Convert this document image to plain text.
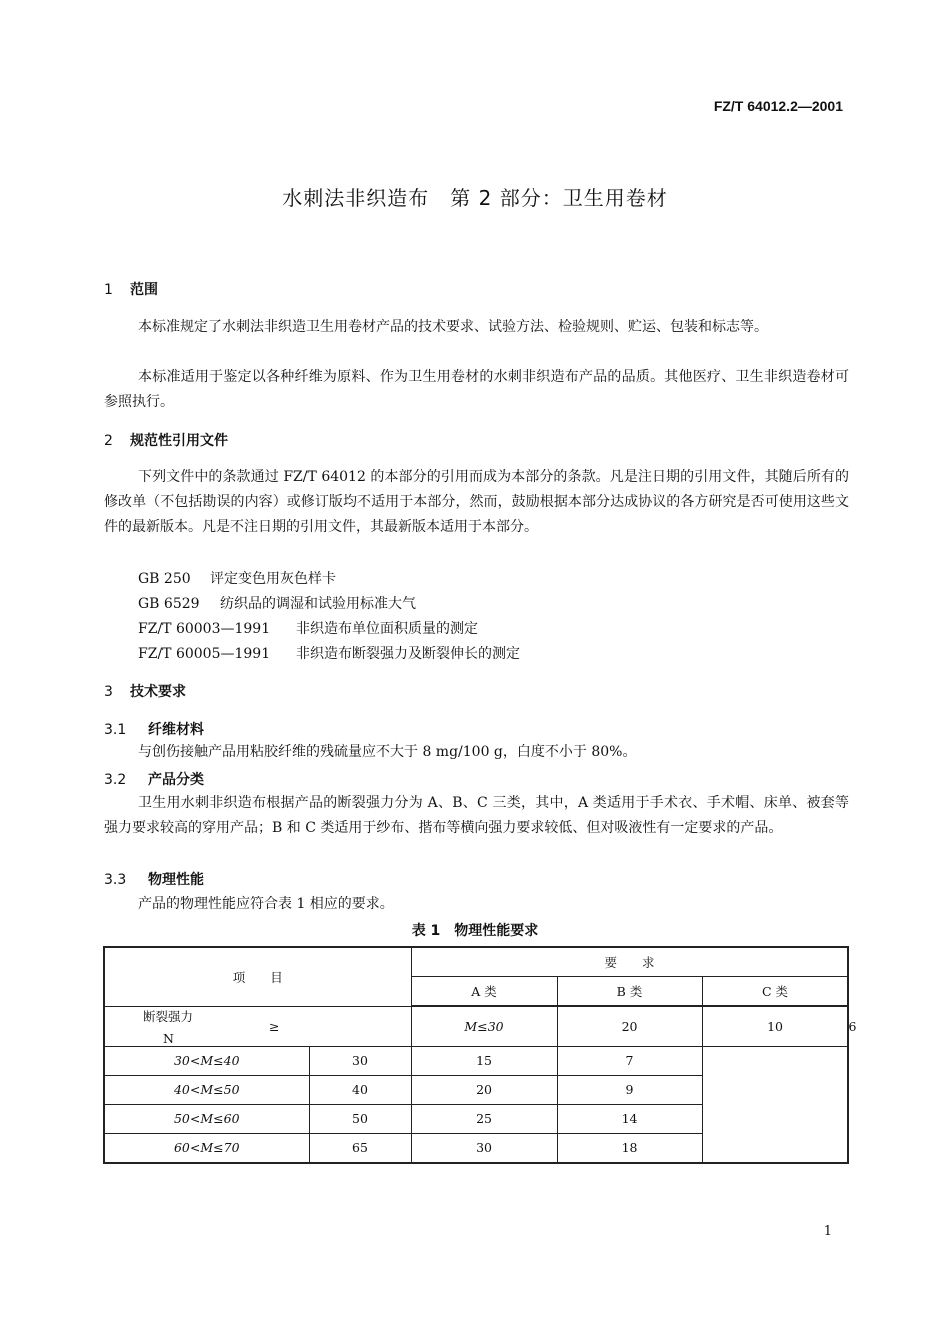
FZ/T 64012.2—2001
水刺法非织造布　第 2 部分：卫生用卷材
1 范围

本标准规定了水刺法非织造卫生用卷材产品的技术要求、试验方法、检验规则、贮运、包装和标志等。

本标准适用于鉴定以各种纤维为原料、作为卫生用卷材的水刺非织造布产品的品质。其他医疗、卫生非织造卷材可参照执行。

2 规范性引用文件

下列文件中的条款通过 FZ/T 64012 的本部分的引用而成为本部分的条款。凡是注日期的引用文件，其随后所有的修改单（不包括勘误的内容）或修订版均不适用于本部分，然而，鼓励根据本部分达成协议的各方研究是否可使用这些文件的最新版本。凡是不注日期的引用文件，其最新版本适用于本部分。

GB 250 评定变色用灰色样卡
GB 6529 纺织品的调湿和试验用标准大气
FZ/T 60003—1991 非织造布单位面积质量的测定
FZ/T 60005—1991 非织造布断裂强力及断裂伸长的测定
3 技术要求
3.1 纤维材料

与创伤接触产品用粘胶纤维的残硫量应不大于 8 mg/100 g，白度不小于 80%。

3.2 产品分类

卫生用水刺非织造布根据产品的断裂强力分为 A、B、C 三类，其中，A 类适用于手术衣、手术帽、床单、被套等强力要求较高的穿用产品；B 和 C 类适用于纱布、揩布等横向强力要求较低、但对吸液性有一定要求的产品。

3.3 物理性能

产品的物理性能应符合表 1 相应的要求。

表 1　物理性能要求
项　　目		要　　求			
		A 类	B 类	C 类	

断裂强力
N	≥	M≤30	20	10	6
30<M≤40	30	15	7		
40<M≤50	40	20	9		
50<M≤60	50	25	14		
60<M≤70	65	30	18		
1
